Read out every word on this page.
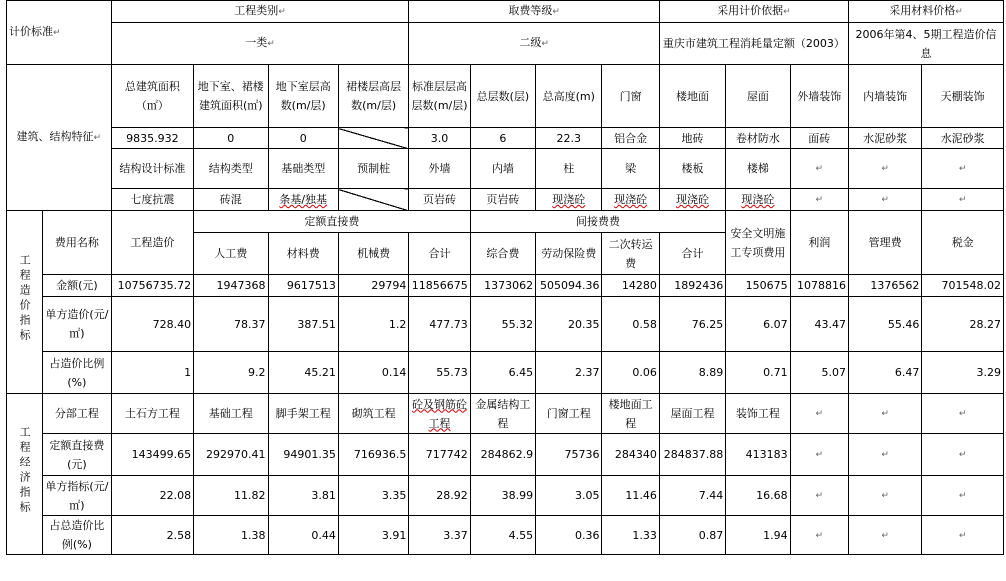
计价标准↵		工程类别↵				取费等级↵				采用计价依据↵			采用材料价格↵	
		一类↵				二级↵				重庆市建筑工程消耗量定额（2003）			2006年第4、5期工程造价信息	

建筑、结构特征↵		总建筑面积（㎡）	地下室、裙楼建筑面积(㎡)	地下室层高数(m/层)	裙楼层高层数(m/层)	标准层层高层数(m/层)	总层数(层)	总高度(m)	门窗	楼地面	屋面	外墙装饰	内墙装饰	天棚装饰
		9835.932	0	0		3.0	6	22.3	铝合金	地砖	卷材防水	面砖	水泥砂浆	水泥砂浆
		结构设计标准	结构类型	基础类型	预制桩	外墙	内墙	柱	梁	楼板	楼梯	↵	↵	↵
		七度抗震	砖混	条基/独基		页岩砖	页岩砖	现浇砼	现浇砼	现浇砼	现浇砼	↵	↵	↵
工程造价指标	费用名称	工程造价	定额直接费				间接费费				安全文明施工专项费用	利润	管理费	税金
			人工费	材料费	机械费	合计	综合费	劳动保险费	二次转运费	合计				
	金额(元)	10756735.72	1947368	9617513	29794	11856675	1373062	505094.36	14280	1892436	150675	1078816	1376562	701548.02
	单方造价(元/㎡)	728.40	78.37	387.51	1.2	477.73	55.32	20.35	0.58	76.25	6.07	43.47	55.46	28.27
	占造价比例(%)	1	9.2	45.21	0.14	55.73	6.45	2.37	0.06	8.89	0.71	5.07	6.47	3.29

工程经济指标	分部工程	土石方工程	基础工程	脚手架工程	砌筑工程	砼及钢筋砼工程	金属结构工程	门窗工程	楼地面工程	屋面工程	装饰工程	↵	↵	↵
	定额直接费(元)	143499.65	292970.41	94901.35	716936.5	717742	284862.9	75736	284340	284837.88	413183	↵	↵	↵
	单方指标(元/㎡)	22.08	11.82	3.81	3.35	28.92	38.99	3.05	11.46	7.44	16.68	↵	↵	↵
	占总造价比例(%)	2.58	1.38	0.44	3.91	3.37	4.55	0.36	1.33	0.87	1.94	↵	↵	↵
